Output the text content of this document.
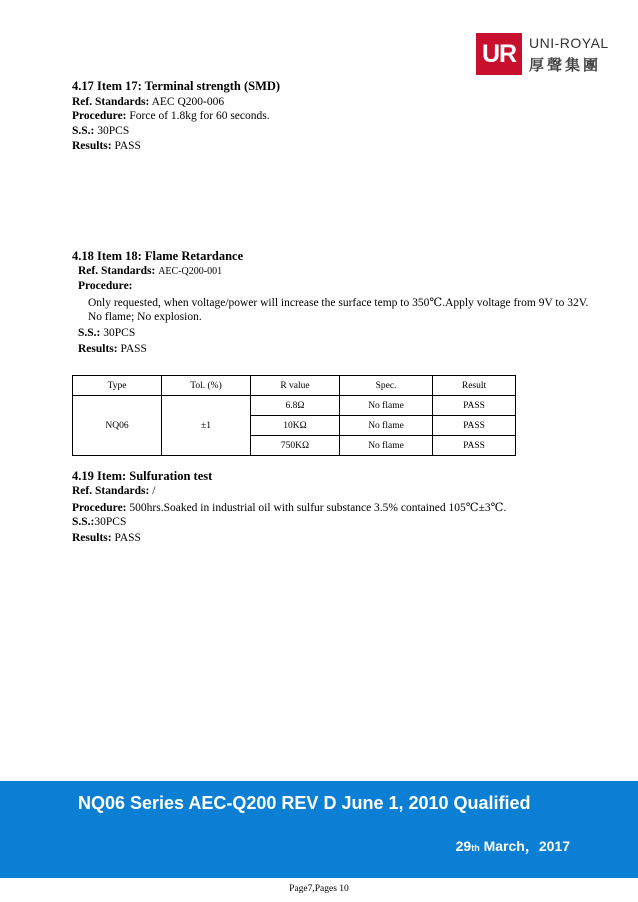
UR UNI-ROYAL
厚聲集團
4.17 Item 17: Terminal strength (SMD)
Ref. Standards: AEC Q200-006
Procedure: Force of 1.8kg for 60 seconds.
S.S.: 30PCS
Results: PASS
4.18 Item 18: Flame Retardance
Ref. Standards: AEC-Q200-001
Procedure:
Only requested, when voltage/power will increase the surface temp to 350℃.Apply voltage from 9V to 32V.
No flame; No explosion.
S.S.: 30PCS
Results: PASS
Type	Tol. (%)	R value	Spec.	Result
NQ06	±1	6.8Ω	No flame	PASS
		10KΩ	No flame	PASS
		750KΩ	No flame	PASS
4.19 Item: Sulfuration test
Ref. Standards: /
Procedure: 500hrs.Soaked in industrial oil with sulfur substance 3.5% contained 105℃±3℃.
S.S.:30PCS
Results: PASS
NQ06 Series AEC-Q200 REV D June 1, 2010 Qualified
29th March，2017
Page7,Pages 10
